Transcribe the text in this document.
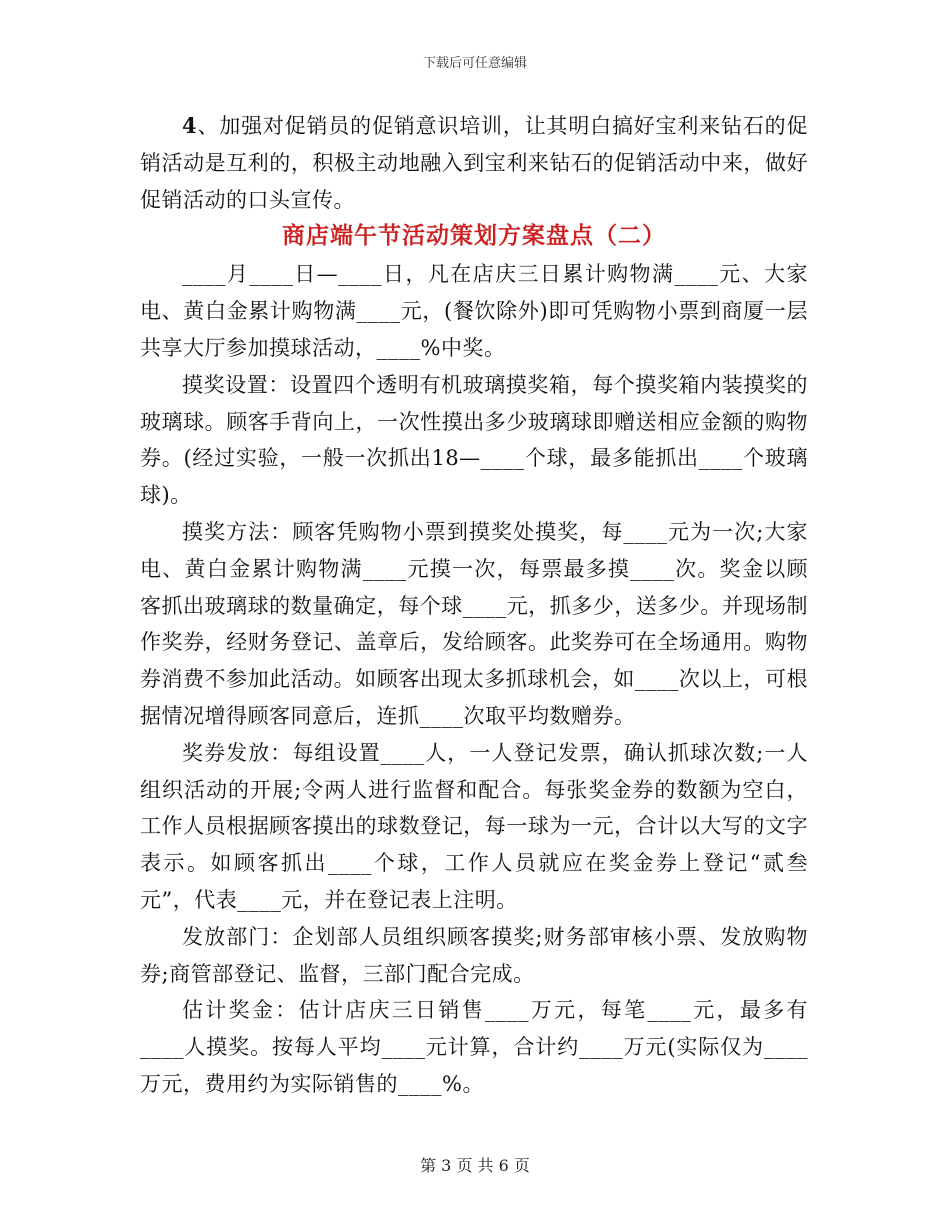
下载后可任意编辑

4、加强对促销员的促销意识培训，让其明白搞好宝利来钻石的促销活动是互利的，积极主动地融入到宝利来钻石的促销活动中来，做好促销活动的口头宣传。

商店端午节活动策划方案盘点（二）

____月____日—____日，凡在店庆三日累计购物满____元、大家电、黄白金累计购物满____元，(餐饮除外)即可凭购物小票到商厦一层共享大厅参加摸球活动，____%中奖。

摸奖设置：设置四个透明有机玻璃摸奖箱，每个摸奖箱内装摸奖的玻璃球。顾客手背向上，一次性摸出多少玻璃球即赠送相应金额的购物券。(经过实验，一般一次抓出18—____个球，最多能抓出____个玻璃球)。

摸奖方法：顾客凭购物小票到摸奖处摸奖，每____元为一次;大家电、黄白金累计购物满____元摸一次，每票最多摸____次。奖金以顾客抓出玻璃球的数量确定，每个球____元，抓多少，送多少。并现场制作奖券，经财务登记、盖章后，发给顾客。此奖券可在全场通用。购物券消费不参加此活动。如顾客出现太多抓球机会，如____次以上，可根据情况增得顾客同意后，连抓____次取平均数赠券。

奖券发放：每组设置____人，一人登记发票，确认抓球次数;一人组织活动的开展;令两人进行监督和配合。每张奖金券的数额为空白，工作人员根据顾客摸出的球数登记，每一球为一元，合计以大写的文字表示。如顾客抓出____个球，工作人员就应在奖金券上登记“贰叁元”，代表____元，并在登记表上注明。

发放部门：企划部人员组织顾客摸奖;财务部审核小票、发放购物券;商管部登记、监督，三部门配合完成。

估计奖金：估计店庆三日销售____万元，每笔____元，最多有____人摸奖。按每人平均____元计算，合计约____万元(实际仅为____万元，费用约为实际销售的____%。

第 3 页 共 6 页
